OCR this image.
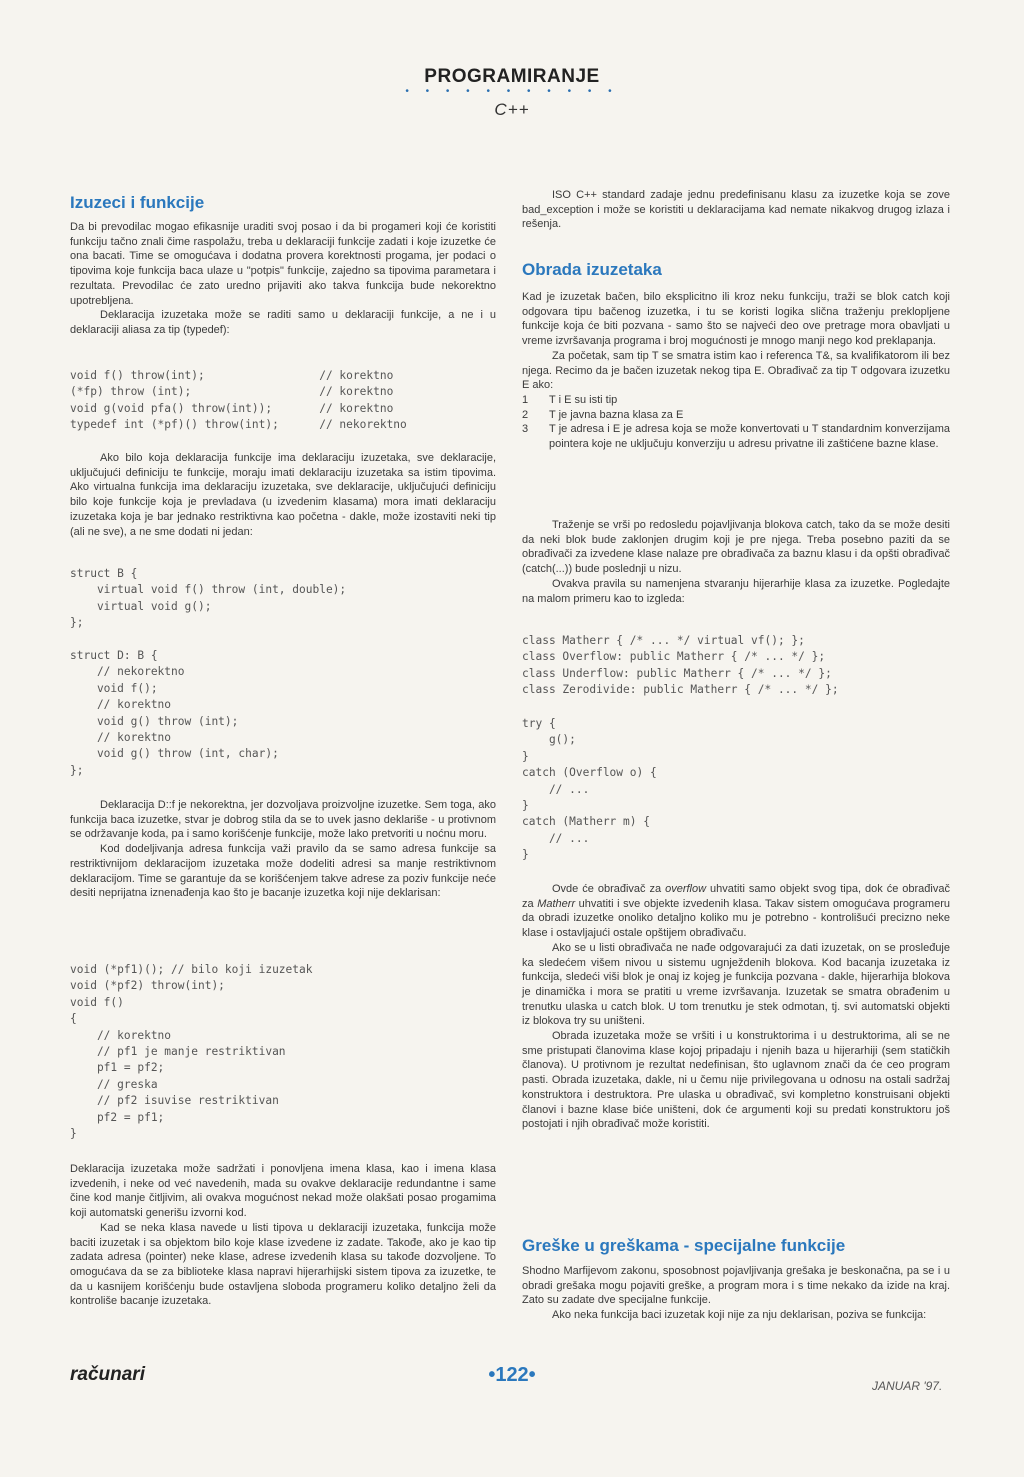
PROGRAMIRANJE
• • • • • • • • • • •
C++
Izuzeci i funkcije

Da bi prevodilac mogao efikasnije uraditi svoj posao i da bi progameri koji će koristiti funkciju tačno znali čime raspolažu, treba u deklaraciji funkcije zadati i koje izuzetke će ona bacati. Time se omogućava i dodatna provera korektnosti progama, jer podaci o tipovima koje funkcija baca ulaze u "potpis" funkcije, zajedno sa tipovima parametara i rezultata. Prevodilac će zato uredno prijaviti ako takva funkcija bude nekorektno upotrebljena.

Deklaracija izuzetaka može se raditi samo u deklaraciji funkcije, a ne i u deklaraciji aliasa za tip (typedef):

void f() throw(int);                 // korektno
(*fp) throw (int);                   // korektno
void g(void pfa() throw(int));       // korektno
typedef int (*pf)() throw(int);      // nekorektno

Ako bilo koja deklaracija funkcije ima deklaraciju izuzetaka, sve deklaracije, uključujući definiciju te funkcije, moraju imati deklaraciju izuzetaka sa istim tipovima. Ako virtualna funkcija ima deklaraciju izuzetaka, sve deklaracije, uključujući definiciju bilo koje funkcije koja je prevladava (u izvedenim klasama) mora imati deklaraciju izuzetaka koja je bar jednako restriktivna kao početna - dakle, može izostaviti neki tip (ali ne sve), a ne sme dodati ni jedan:

struct B {
virtual void f() throw (int, double);
virtual void g();
};

struct D: B {
// nekorektno
void f();
// korektno
void g() throw (int);
// korektno
void g() throw (int, char);
};

Deklaracija D::f je nekorektna, jer dozvoljava proizvoljne izuzetke. Sem toga, ako funkcija baca izuzetke, stvar je dobrog stila da se to uvek jasno deklariše - u protivnom se održavanje koda, pa i samo korišćenje funkcije, može lako pretvoriti u noćnu moru.

Kod dodeljivanja adresa funkcija važi pravilo da se samo adresa funkcije sa restriktivnijom deklaracijom izuzetaka može dodeliti adresi sa manje restriktivnom deklaracijom. Time se garantuje da se korišćenjem takve adrese za poziv funkcije neće desiti neprijatna iznenađenja kao što je bacanje izuzetka koji nije deklarisan:

void (*pf1)(); // bilo koji izuzetak
void (*pf2) throw(int);
void f()
{
// korektno
// pf1 je manje restriktivan
pf1 = pf2;
// greska
// pf2 isuvise restriktivan
pf2 = pf1;
}

Deklaracija izuzetaka može sadržati i ponovljena imena klasa, kao i imena klasa izvedenih, i neke od već navedenih, mada su ovakve deklaracije redundantne i same čine kod manje čitljivim, ali ovakva mogućnost nekad može olakšati posao progamima koji automatski generišu izvorni kod.

Kad se neka klasa navede u listi tipova u deklaraciji izuzetaka, funkcija može baciti izuzetak i sa objektom bilo koje klase izvedene iz zadate. Takođe, ako je kao tip zadata adresa (pointer) neke klase, adrese izvedenih klasa su takođe dozvoljene. To omogućava da se za biblioteke klasa napravi hijerarhijski sistem tipova za izuzetke, te da u kasnijem korišćenju bude ostavljena sloboda programeru koliko detaljno želi da kontroliše bacanje izuzetaka.

ISO C++ standard zadaje jednu predefinisanu klasu za izuzetke koja se zove bad_exception i može se koristiti u deklaracijama kad nemate nikakvog drugog izlaza i rešenja.

Obrada izuzetaka

Kad je izuzetak bačen, bilo eksplicitno ili kroz neku funkciju, traži se blok catch koji odgovara tipu bačenog izuzetka, i tu se koristi logika slična traženju preklopljene funkcije koja će biti pozvana - samo što se najveći deo ove pretrage mora obavljati u vreme izvršavanja programa i broj mogućnosti je mnogo manji nego kod preklapanja.

Za početak, sam tip T se smatra istim kao i referenca T&, sa kvalifikatorom ili bez njega. Recimo da je bačen izuzetak nekog tipa E. Obrađivač za tip T odgovara izuzetku E ako:

1	T i E su isti tip
2	T je javna bazna klasa za E
3	T je adresa i E je adresa koja se može konvertovati u T standardnim konverzijama pointera koje ne uključuju konverziju u adresu privatne ili zaštićene bazne klase.

Traženje se vrši po redosledu pojavljivanja blokova catch, tako da se može desiti da neki blok bude zaklonjen drugim koji je pre njega. Treba posebno paziti da se obrađivači za izvedene klase nalaze pre obrađivača za baznu klasu i da opšti obrađivač (catch(...)) bude poslednji u nizu.

Ovakva pravila su namenjena stvaranju hijerarhije klasa za izuzetke. Pogledajte na malom primeru kao to izgleda:

class Matherr { /* ... */ virtual vf(); };
class Overflow: public Matherr { /* ... */ };
class Underflow: public Matherr { /* ... */ };
class Zerodivide: public Matherr { /* ... */ };
try {
g();
}
catch (Overflow o) {
// ...
}
catch (Matherr m) {
// ...
}

Ovde će obrađivač za overflow uhvatiti samo objekt svog tipa, dok će obrađivač za Matherr uhvatiti i sve objekte izvedenih klasa. Takav sistem omogućava programeru da obradi izuzetke onoliko detaljno koliko mu je potrebno - kontrolišući precizno neke klase i ostavljajući ostale opštijem obrađivaču.

Ako se u listi obrađivača ne nađe odgovarajući za dati izuzetak, on se prosleđuje ka sledećem višem nivou u sistemu ugnježdenih blokova. Kod bacanja izuzetaka iz funkcija, sledeći viši blok je onaj iz kojeg je funkcija pozvana - dakle, hijerarhija blokova je dinamička i mora se pratiti u vreme izvršavanja. Izuzetak se smatra obrađenim u trenutku ulaska u catch blok. U tom trenutku je stek odmotan, tj. svi automatski objekti iz blokova try su uništeni.

Obrada izuzetaka može se vršiti i u konstruktorima i u destruktorima, ali se ne sme pristupati članovima klase kojoj pripadaju i njenih baza u hijerarhiji (sem statičkih članova). U protivnom je rezultat nedefinisan, što uglavnom znači da će ceo program pasti. Obrada izuzetaka, dakle, ni u čemu nije privilegovana u odnosu na ostali sadržaj konstruktora i destruktora. Pre ulaska u obrađivač, svi kompletno konstruisani objekti članovi i bazne klase biće uništeni, dok će argumenti koji su predati konstruktoru još postojati i njih obrađivač može koristiti.

Greške u greškama - specijalne funkcije

Shodno Marfijevom zakonu, sposobnost pojavljivanja grešaka je beskonačna, pa se i u obradi grešaka mogu pojaviti greške, a program mora i s time nekako da izide na kraj. Zato su zadate dve specijalne funkcije.

Ako neka funkcija baci izuzetak koji nije za nju deklarisan, poziva se funkcija:

računari	•122•	JANUAR '97.
